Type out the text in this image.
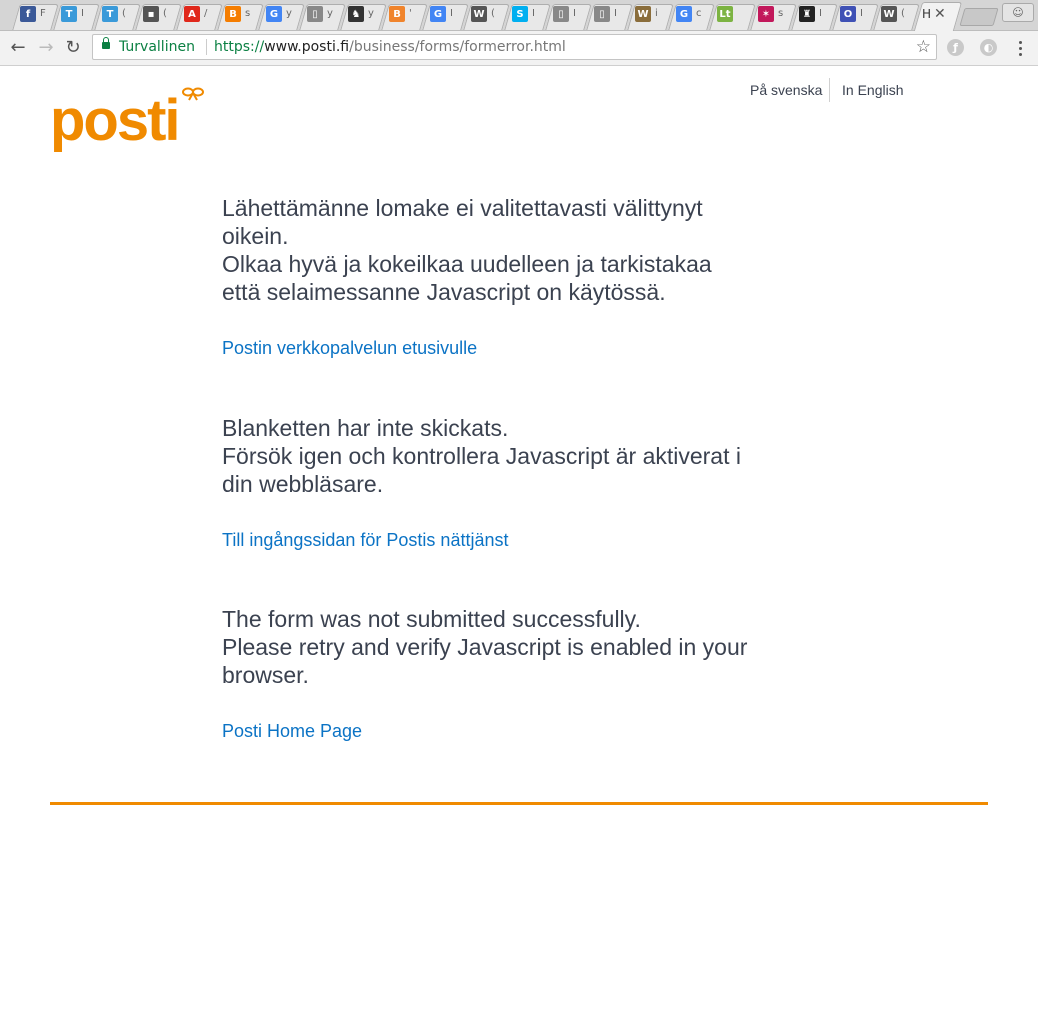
H ✕	☺
f F	T I	T (	▪ (	A /	B s	G y	▯ y	♞ y	B '	G I W (	S I	▯ I	▯ I W i	G c Lt	✶ s	♜ I	O I W (
← → ↻	Turvallinen https://www.posti.fi/business/forms/formerror.html	☆	ƒ	◐
posti	På svenska In English

Lähettämänne lomake ei valitettavasti välittynyt
oikein.
Olkaa hyvä ja kokeilkaa uudelleen ja tarkistakaa
että selaimessanne Javascript on käytössä.

Postin verkkopalvelun etusivulle

Blanketten har inte skickats.
Försök igen och kontrollera Javascript är aktiverat i
din webbläsare.

Till ingångssidan för Postis nättjänst

The form was not submitted successfully.
Please retry and verify Javascript is enabled in your
browser.

Posti Home Page
